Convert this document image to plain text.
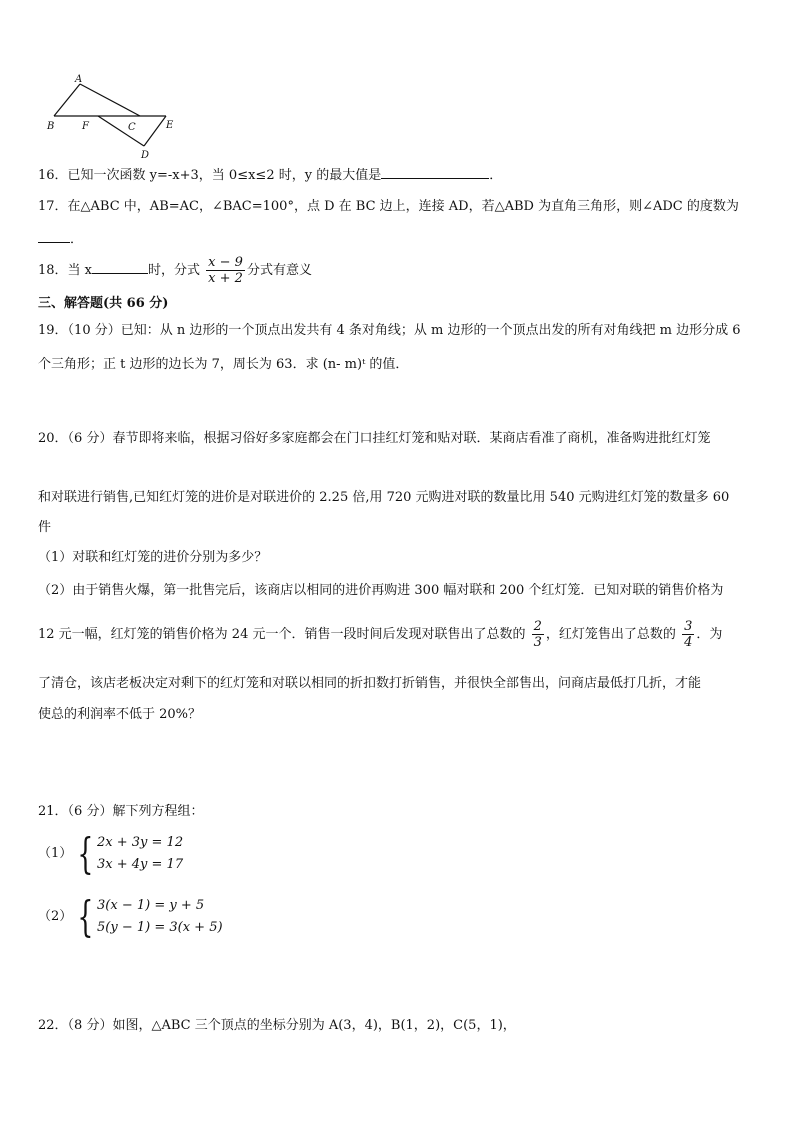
A
B	F	C	E
D
16．已知一次函数 y=-x+3，当 0≤x≤2 时，y 的最大值是	．
17．在△ABC 中，AB=AC，∠BAC=100°，点 D 在 BC 边上，连接 AD，若△ABD 为直角三角形，则∠ADC 的度数为
．
18．当 x	时，分式 $\frac{x - 9}{x + 2}$ 分式有意义
三、解答题(共 66 分)
19．（10 分）已知：从 n 边形的一个顶点出发共有 4 条对角线；从 m 边形的一个顶点出发的所有对角线把 m 边形分成 6
个三角形；正 t 边形的边长为 7，周长为 63．求 (n- m)ᵗ 的值．
20．（6 分）春节即将来临，根据习俗好多家庭都会在门口挂红灯笼和贴对联．某商店看准了商机，准备购进批红灯笼
和对联进行销售,已知红灯笼的进价是对联进价的 2.25 倍,用 720 元购进对联的数量比用 540 元购进红灯笼的数量多 60
件
（1）对联和红灯笼的进价分别为多少？
（2）由于销售火爆，第一批售完后，该商店以相同的进价再购进 300 幅对联和 200 个红灯笼．已知对联的销售价格为
12 元一幅，红灯笼的销售价格为 24 元一个．销售一段时间后发现对联售出了总数的 $\frac{2}{3}$ ，红灯笼售出了总数的 $\frac{3}{4}$ ．为
了清仓，该店老板决定对剩下的红灯笼和对联以相同的折扣数打折销售，并很快全部售出，问商店最低打几折，才能
使总的利润率不低于 20%？
21．（6 分）解下列方程组：
（1） { 2x + 3y = 12
3x + 4y = 17
（2） { 3(x − 1) = y + 5
5(y − 1) = 3(x + 5)
22．（8 分）如图，△ABC 三个顶点的坐标分别为 A(3，4)，B(1，2)，C(5，1)，
